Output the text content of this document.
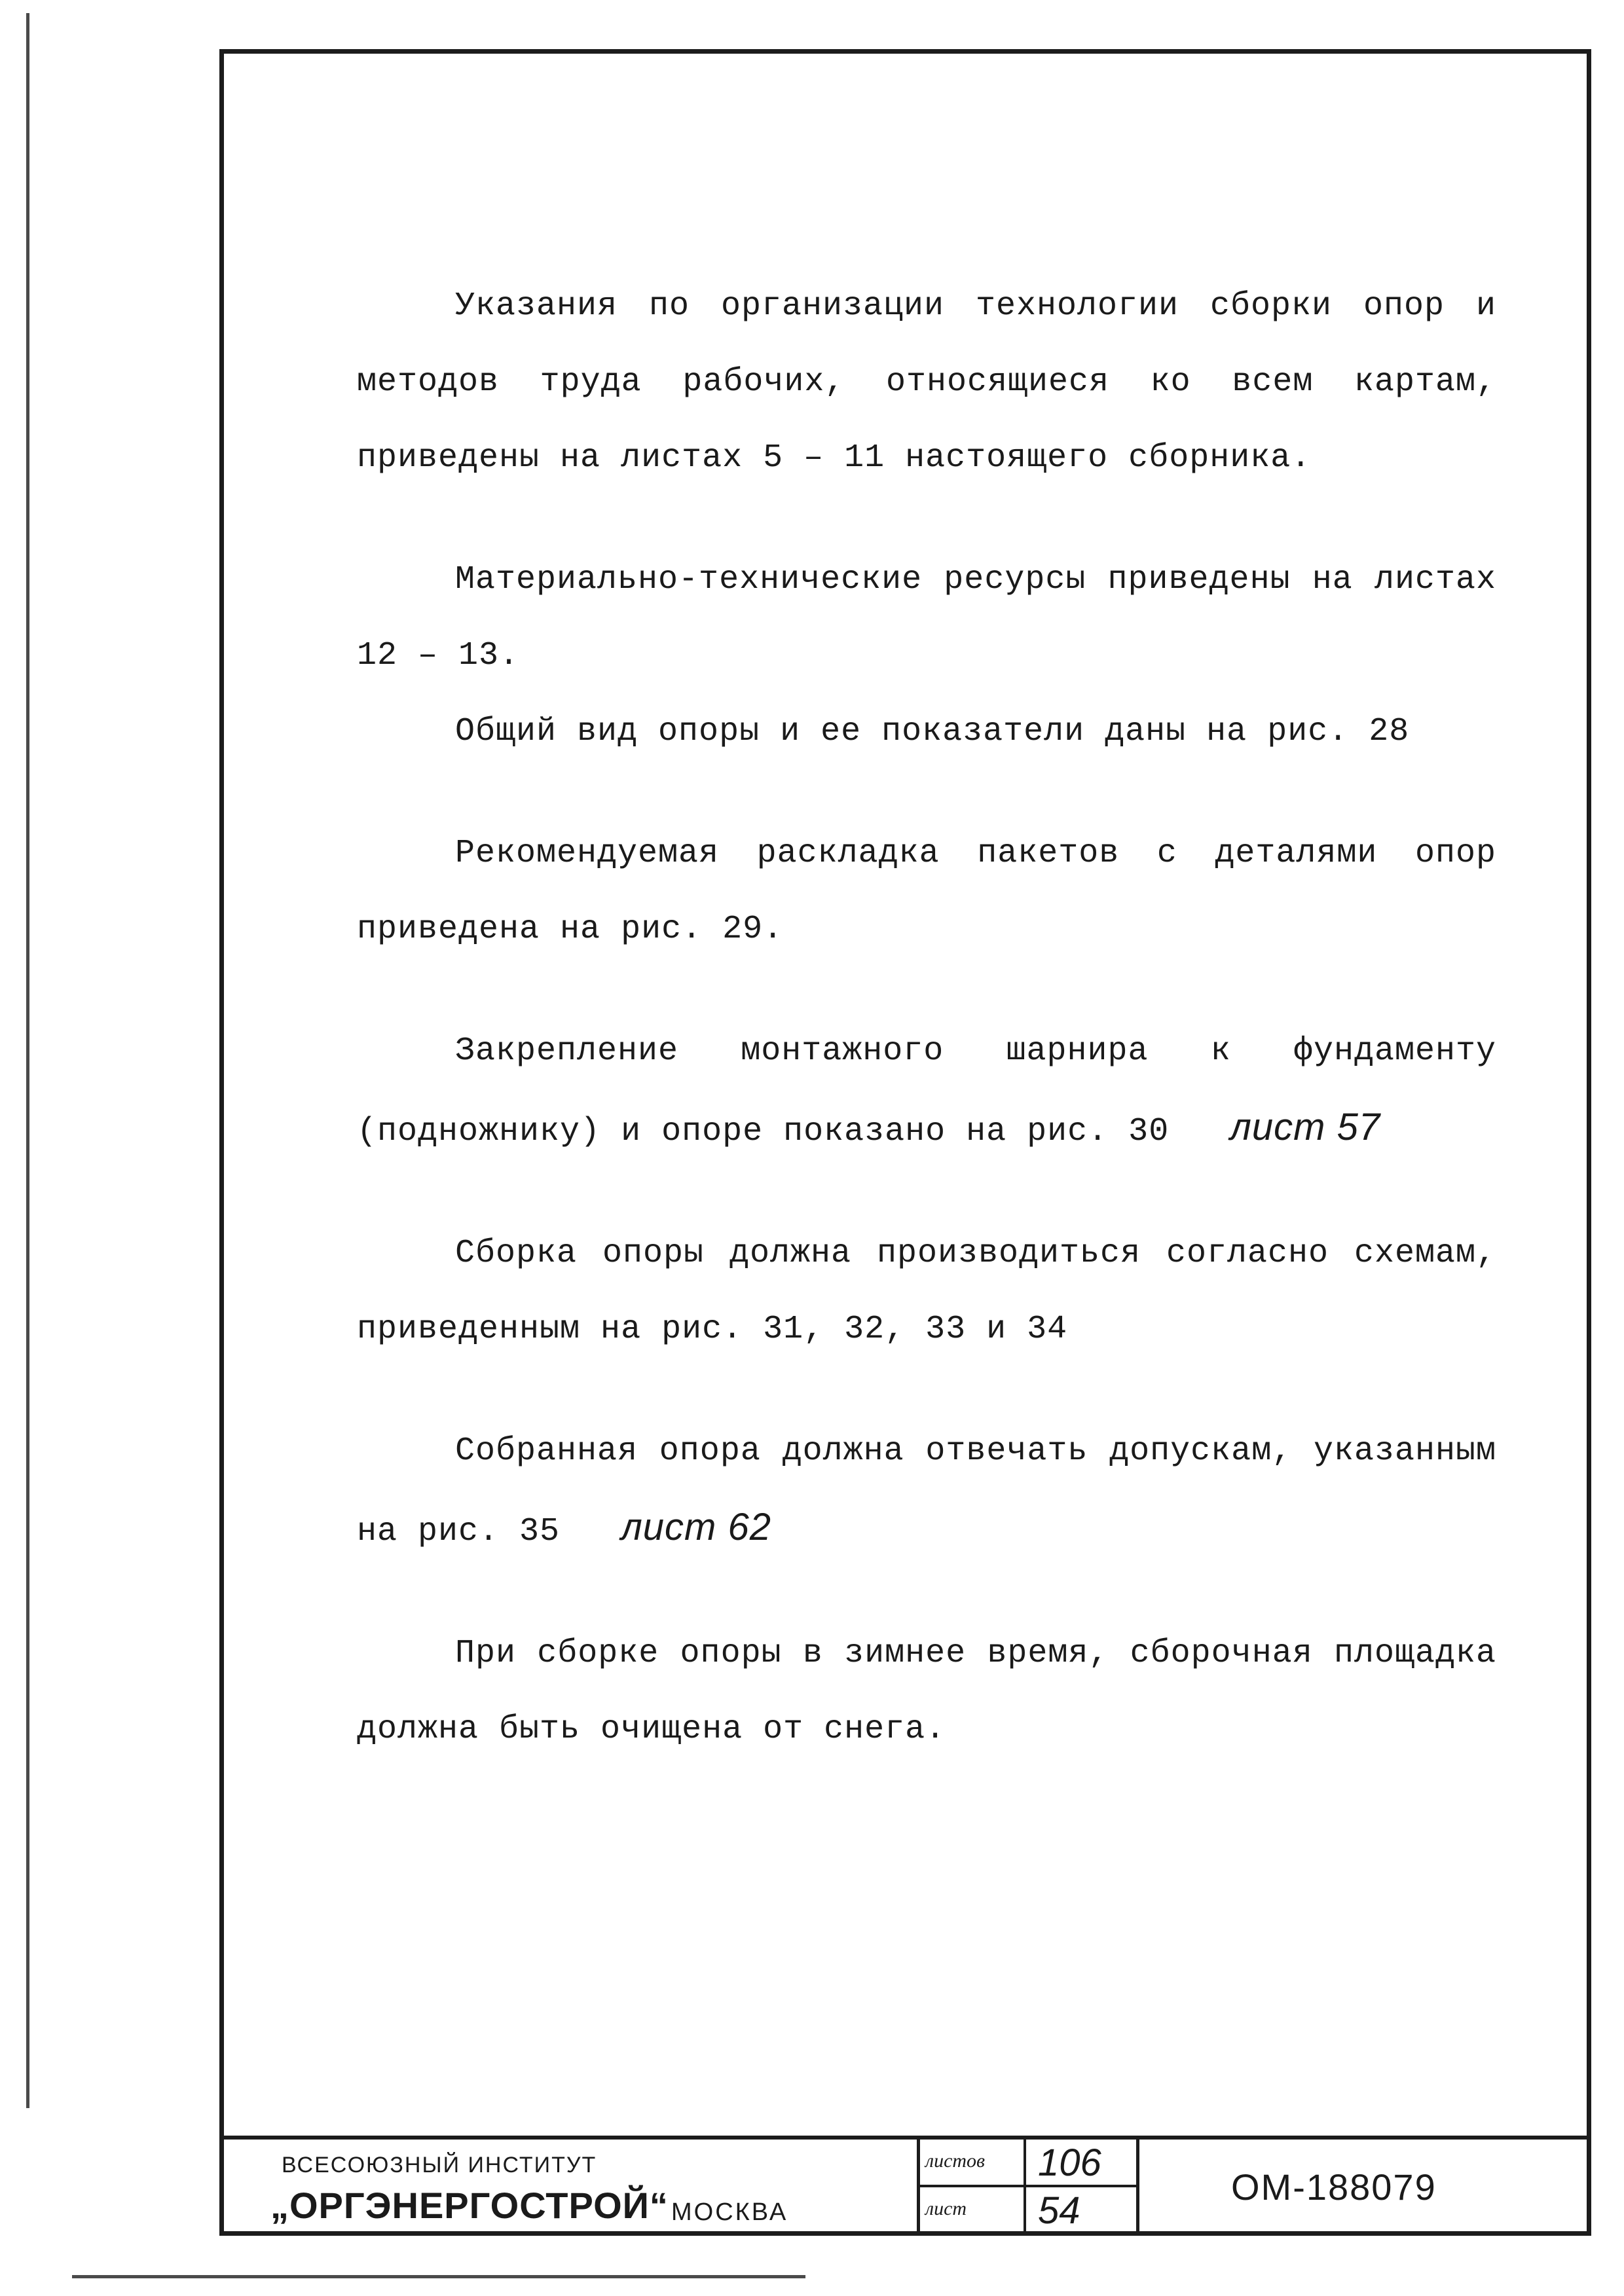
Указания по организации технологии сборки опор и методов труда рабочих, относящиеся ко всем картам, приведены на листах 5 – 11 настоящего сборника.

Материально-технические ресурсы приведены на листах 12 – 13.

Общий вид опоры и ее показатели даны на рис. 28

Рекомендуемая раскладка пакетов с деталями опор приведена на рис. 29.

Закрепление монтажного шарнира к фундаменту (подножнику) и опоре показано на рис. 30 лист 57

Сборка опоры должна производиться согласно схемам, приведенным на рис. 31, 32, 33 и 34

Собранная опора должна отвечать допускам, указанным на рис. 35 лист 62

При сборке опоры в зимнее время, сборочная площадка должна быть очищена от снега.

ВСЕСОЮЗНЫЙ ИНСТИТУТ
„ОРГЭНЕРГОСТРОЙ“ МОСКВА
листов 106
лист 54
ОМ-188079
